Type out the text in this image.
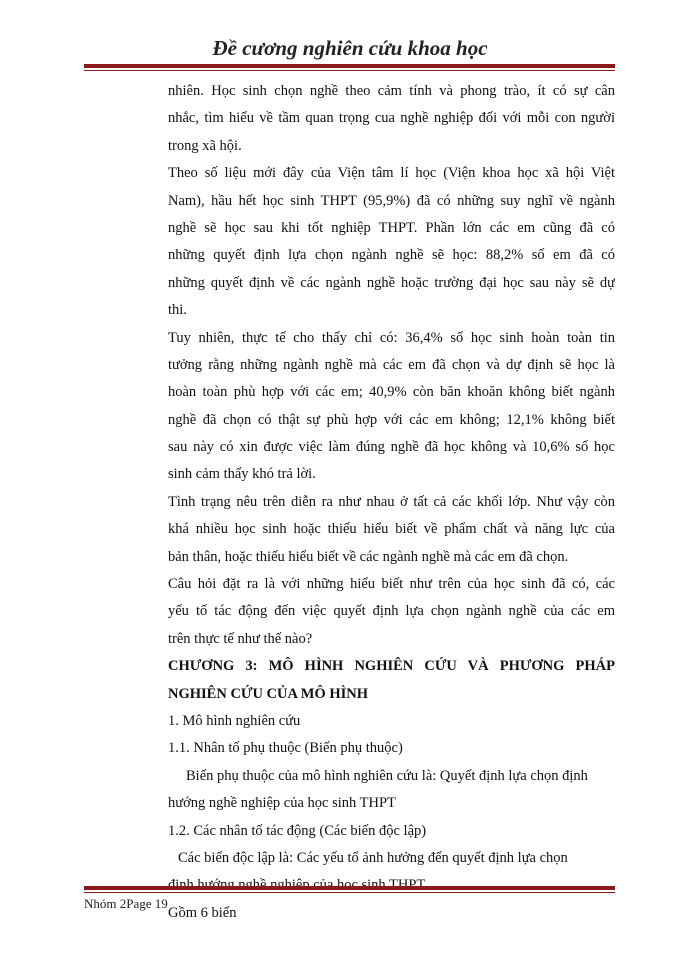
Đề cương nghiên cứu khoa học
nhiên. Học sinh chọn nghề theo cảm tính và phong trào, ít có sự cân
nhắc, tìm hiểu về tầm quan trọng cua nghề nghiệp đối với mỗi con người
trong xã hội.
Theo số liệu mới đây của Viện tâm lí học (Viện khoa học xã hội Việt
Nam), hầu hết học sinh THPT (95,9%) đã có những suy nghĩ về ngành
nghề sẽ học sau khi tốt nghiệp THPT. Phần lớn các em cũng đã có
những quyết định lựa chọn ngành nghề sẽ học: 88,2% số em đã có
những quyết định về các ngành nghề hoặc trường đại học sau này sẽ dự
thi.
Tuy nhiên, thực tế cho thấy chỉ có: 36,4% số học sinh hoàn toàn tin
tưởng rằng những ngành nghề mà các em đã chọn và dự định sẽ học là
hoàn toàn phù hợp với các em; 40,9% còn băn khoăn không biết ngành
nghề đã chọn có thật sự phù hợp với các em không; 12,1% không biết
sau này có xin được việc làm đúng nghề đã học không và 10,6% số học
sinh cảm thấy khó trả lời.
Tình trạng nêu trên diễn ra như nhau ở tất cả các khối lớp. Như vậy còn
khá nhiều học sinh hoặc thiếu hiểu biết về phẩm chất và năng lực của
bản thân, hoặc thiếu hiểu biết về các ngành nghề mà các em đã chọn.
Câu hỏi đặt ra là với những hiểu biết như trên của học sinh đã có, các
yếu tố tác động đến việc quyết định lựa chọn ngành nghề của các em
trên thực tế như thế nào?
CHƯƠNG 3: MÔ HÌNH NGHIÊN CỨU VÀ PHƯƠNG PHÁP
NGHIÊN CỨU CỦA MÔ HÌNH
1. Mô hình nghiên cứu
1.1. Nhân tố phụ thuộc (Biến phụ thuộc)
Biến phụ thuộc của mô hình nghiên cứu là: Quyết định lựa chọn định
hướng nghề nghiệp của học sinh THPT
1.2. Các nhân tố tác động (Các biến độc lập)
Các biến độc lập là: Các yếu tố ảnh hưởng đến quyết định lựa chọn
Gồm 6 biến
Nhóm 2Page 19
